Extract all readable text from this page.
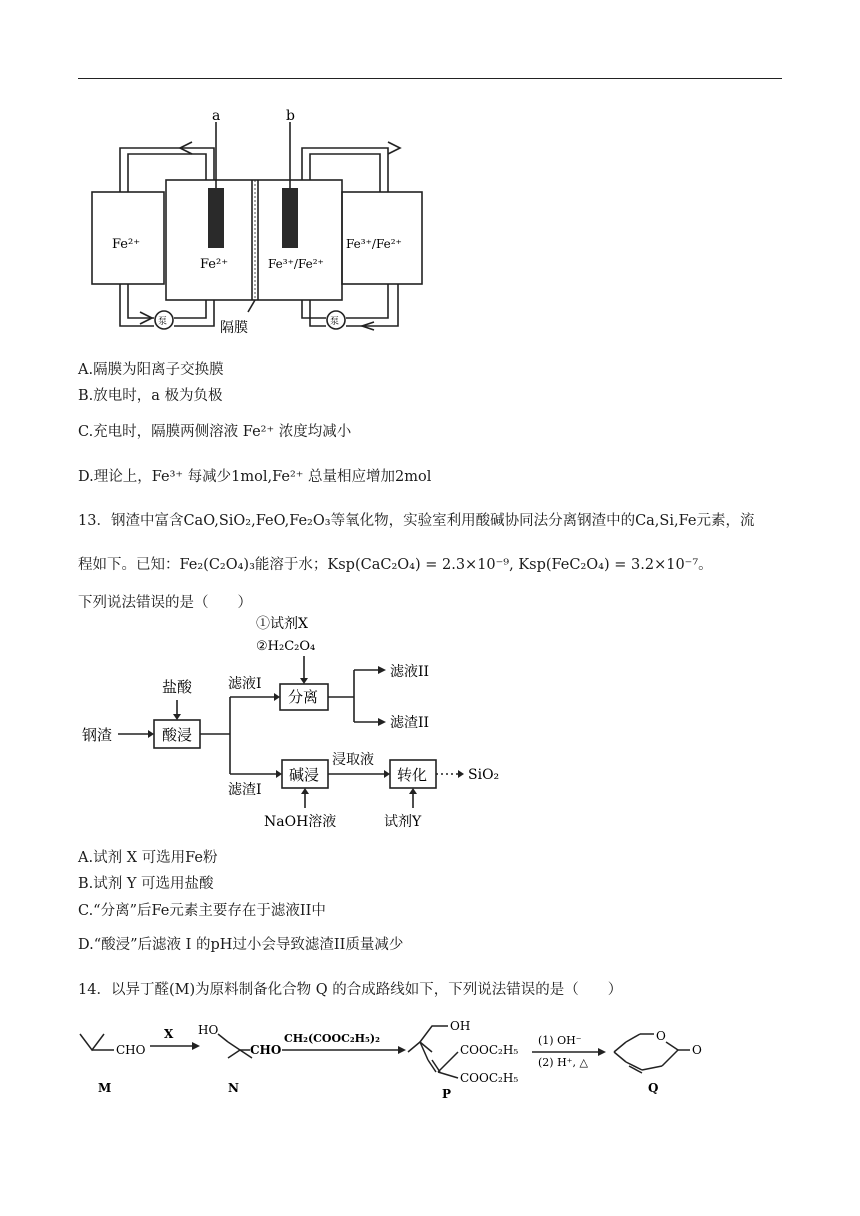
a	b
Fe²⁺
Fe²⁺	Fe³⁺/Fe²⁺
Fe³⁺/Fe²⁺
泵	泵
隔膜
A.隔膜为阳离子交换膜
B.放电时，a 极为负极
C.充电时，隔膜两侧溶液 Fe²⁺ 浓度均减小
D.理论上，Fe³⁺ 每减少1mol,Fe²⁺ 总量相应增加2mol
13．钢渣中富含CaO,SiO₂,FeO,Fe₂O₃等氧化物，实验室利用酸碱协同法分离钢渣中的Ca,Si,Fe元素，流
程如下。已知：Fe₂(C₂O₄)₃能溶于水；Ksp(CaC₂O₄) = 2.3×10⁻⁹, Ksp(FeC₂O₄) = 3.2×10⁻⁷。
下列说法错误的是（　　）
①试剂X
②H₂C₂O₄
盐酸	滤液I
分离
滤液II
滤渣II
钢渣	酸浸
滤渣I
碱浸
浸取液
转化	SiO₂
NaOH溶液	试剂Y
A.试剂 X 可选用Fe粉
B.试剂 Y 可选用盐酸
C.“分离”后Fe元素主要存在于滤液II中
D.“酸浸”后滤液 I 的pH过小会导致滤渣II质量减少
14．以异丁醛(M)为原料制备化合物 Q 的合成路线如下，下列说法错误的是（　　）
CHO
M
X HO
CHO
N
CH₂(COOC₂H₅)₂
OH
COOC₂H₅
COOC₂H₅
P
(1) OH⁻
(2) H⁺, △
O
O
Q
